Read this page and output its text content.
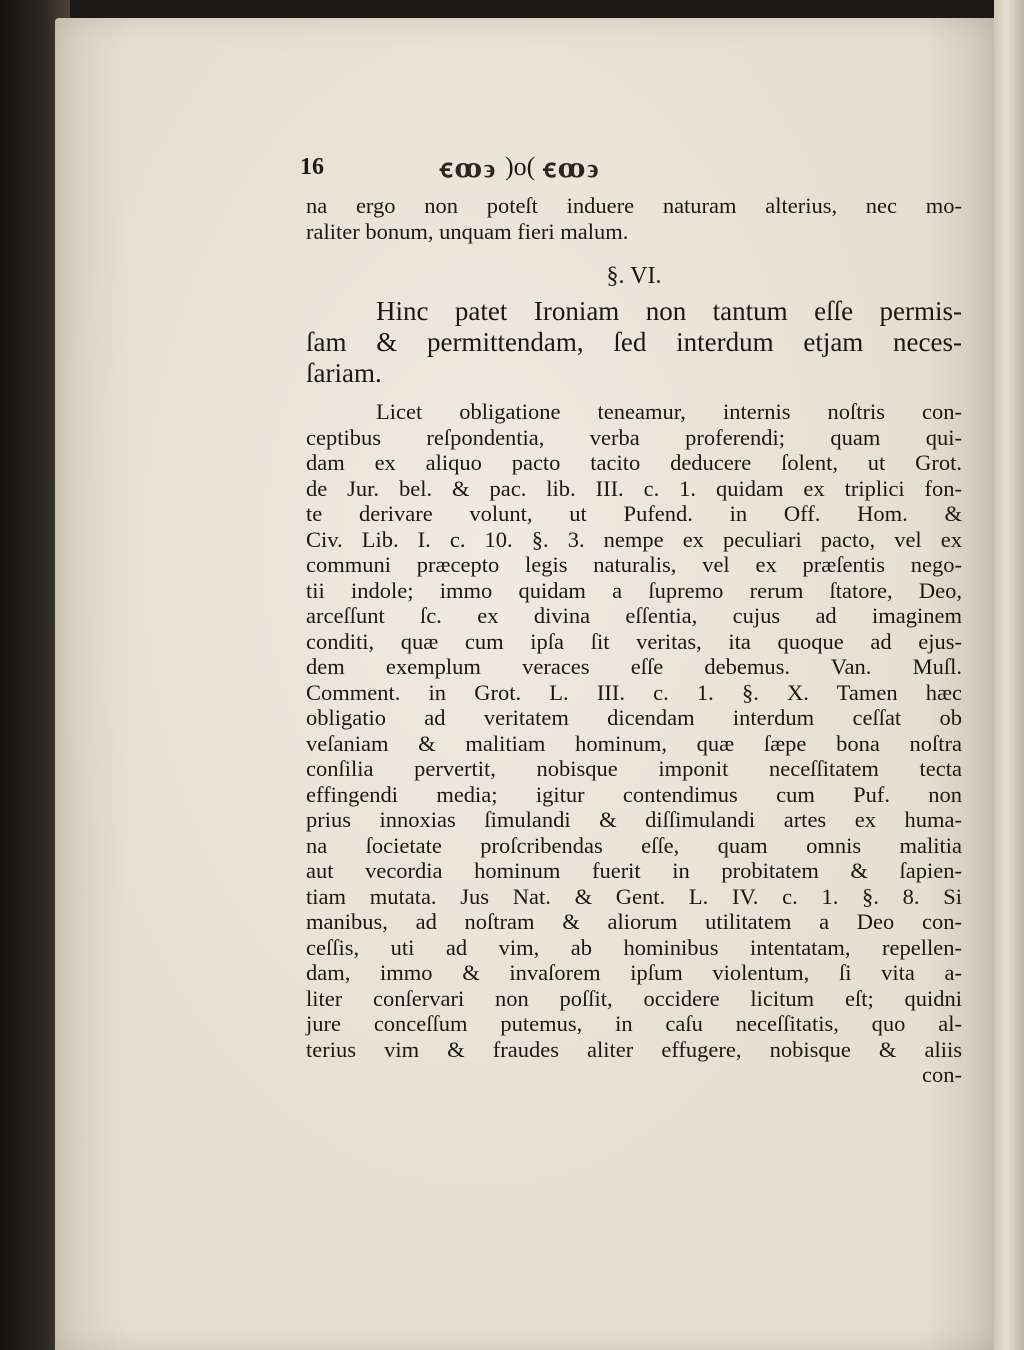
16	ꞓꝏ϶ )o( ꞓꝏ϶
na ergo non poteſt induere naturam alterius, nec mo-
raliter bonum, unquam fieri malum.
§. VI.
Hinc patet Ironiam non tantum eſſe permis-
ſam & permittendam, ſed interdum etjam neces-
ſariam.
Licet obligatione teneamur, internis noſtris con-
ceptibus reſpondentia, verba proferendi; quam qui-
dam ex aliquo pacto tacito deducere ſolent, ut Grot.
de Jur. bel. & pac. lib. III. c. 1. quidam ex triplici fon-
te derivare volunt, ut Pufend. in Off. Hom. &
Civ. Lib. I. c. 10. §. 3. nempe ex peculiari pacto, vel ex
communi præcepto legis naturalis, vel ex præſentis nego-
tii indole; immo quidam a ſupremo rerum ſtatore, Deo,
arceſſunt ſc. ex divina eſſentia, cujus ad imaginem
conditi, quæ cum ipſa ſit veritas, ita quoque ad ejus-
dem exemplum veraces eſſe debemus. Van. Muſl.
Comment. in Grot. L. III. c. 1. §. X. Tamen hæc
obligatio ad veritatem dicendam interdum ceſſat ob
veſaniam & malitiam hominum, quæ ſæpe bona noſtra
conſilia pervertit, nobisque imponit neceſſitatem tecta
effingendi media; igitur contendimus cum Puf. non
prius innoxias ſimulandi & diſſimulandi artes ex huma-
na ſocietate proſcribendas eſſe, quam omnis malitia
aut vecordia hominum fuerit in probitatem & ſapien-
tiam mutata. Jus Nat. & Gent. L. IV. c. 1. §. 8. Si
manibus, ad noſtram & aliorum utilitatem a Deo con-
ceſſis, uti ad vim, ab hominibus intentatam, repellen-
dam, immo & invaſorem ipſum violentum, ſi vita a-
liter conſervari non poſſit, occidere licitum eſt; quidni
jure conceſſum putemus, in caſu neceſſitatis, quo al-
terius vim & fraudes aliter effugere, nobisque & aliis
con-
